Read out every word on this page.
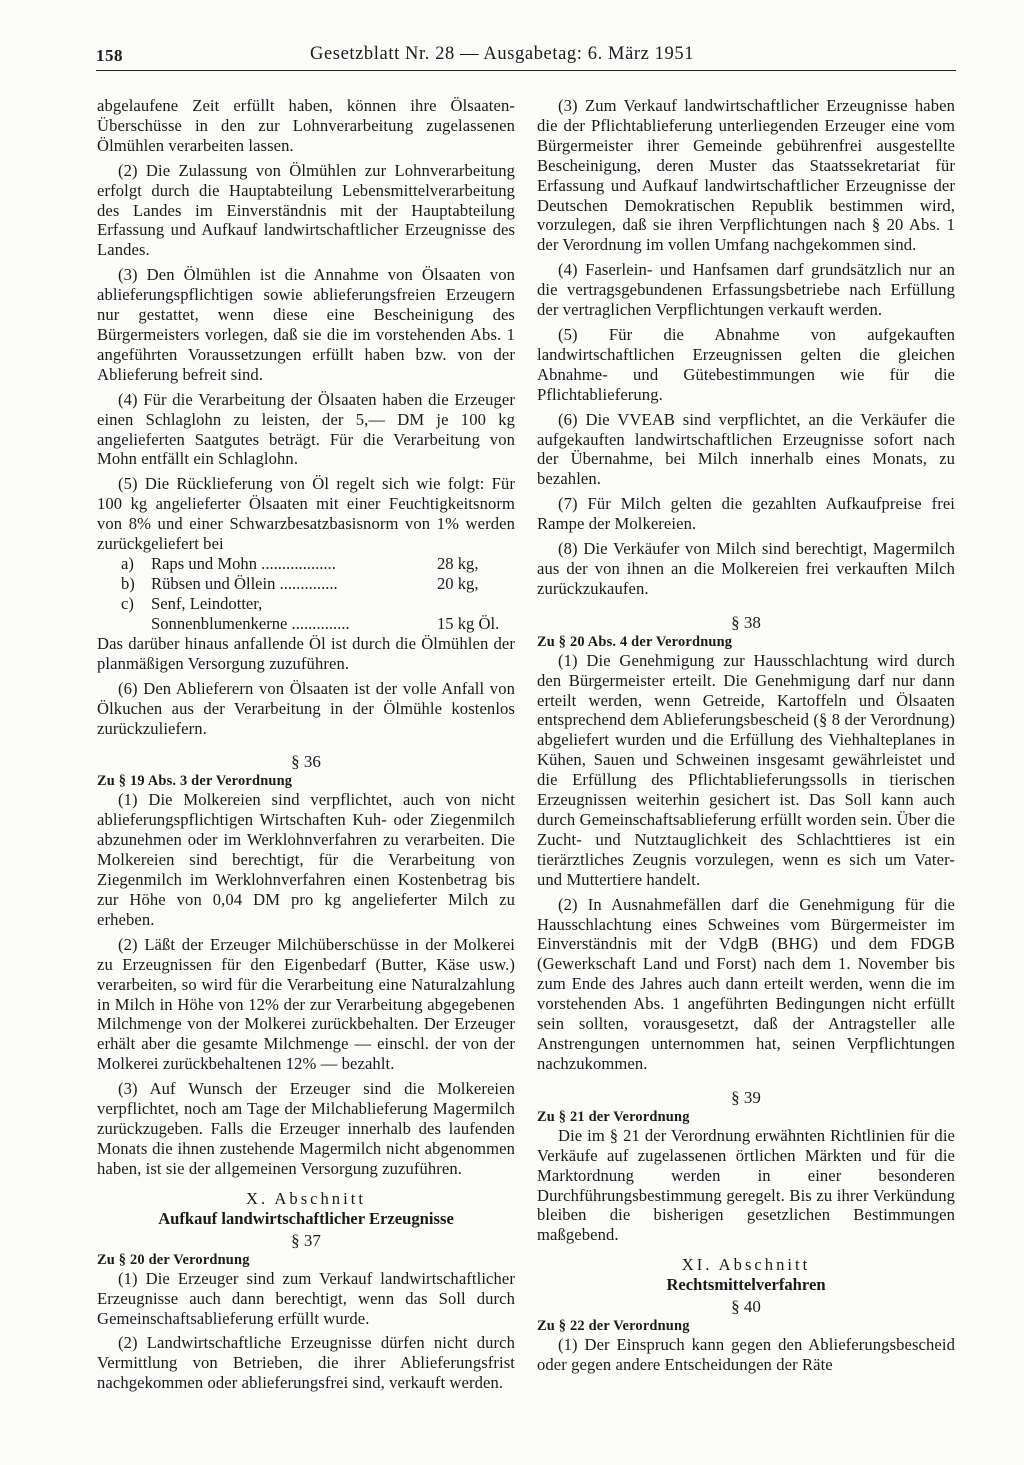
158	Gesetzblatt Nr. 28 — Ausgabetag: 6. März 1951

abgelaufene Zeit erfüllt haben, können ihre Ölsaaten-Überschüsse in den zur Lohnverarbeitung zugelassenen Ölmühlen verarbeiten lassen.

(2) Die Zulassung von Ölmühlen zur Lohnverarbeitung erfolgt durch die Hauptabteilung Lebensmittelverarbeitung des Landes im Einverständnis mit der Hauptabteilung Erfassung und Aufkauf landwirtschaftlicher Erzeugnisse des Landes.

(3) Den Ölmühlen ist die Annahme von Ölsaaten von ablieferungspflichtigen sowie ablieferungsfreien Erzeugern nur gestattet, wenn diese eine Bescheinigung des Bürgermeisters vorlegen, daß sie die im vorstehenden Abs. 1 angeführten Voraussetzungen erfüllt haben bzw. von der Ablieferung befreit sind.

(4) Für die Verarbeitung der Ölsaaten haben die Erzeuger einen Schlaglohn zu leisten, der 5,— DM je 100 kg angelieferten Saatgutes beträgt. Für die Verarbeitung von Mohn entfällt ein Schlaglohn.

(5) Die Rücklieferung von Öl regelt sich wie folgt: Für 100 kg angelieferter Ölsaaten mit einer Feuchtigkeitsnorm von 8% und einer Schwarzbesatzbasisnorm von 1% werden zurückgeliefert bei

a)	Raps und Mohn ..................	28 kg,
b) Rübsen und Öllein ..............	20 kg,
c)	Senf, Leindotter,
Sonnenblumenkerne ..............	15 kg Öl.

Das darüber hinaus anfallende Öl ist durch die Ölmühlen der planmäßigen Versorgung zuzuführen.

(6) Den Ablieferern von Ölsaaten ist der volle Anfall von Ölkuchen aus der Verarbeitung in der Ölmühle kostenlos zurückzuliefern.

§ 36
Zu § 19 Abs. 3 der Verordnung

(1) Die Molkereien sind verpflichtet, auch von nicht ablieferungspflichtigen Wirtschaften Kuh- oder Ziegenmilch abzunehmen oder im Werklohnverfahren zu verarbeiten. Die Molkereien sind berechtigt, für die Verarbeitung von Ziegenmilch im Werklohnverfahren einen Kostenbetrag bis zur Höhe von 0,04 DM pro kg angelieferter Milch zu erheben.

(2) Läßt der Erzeuger Milchüberschüsse in der Molkerei zu Erzeugnissen für den Eigenbedarf (Butter, Käse usw.) verarbeiten, so wird für die Verarbeitung eine Naturalzahlung in Milch in Höhe von 12% der zur Verarbeitung abgegebenen Milchmenge von der Molkerei zurückbehalten. Der Erzeuger erhält aber die gesamte Milchmenge — einschl. der von der Molkerei zurückbehaltenen 12% — bezahlt.

(3) Auf Wunsch der Erzeuger sind die Molkereien verpflichtet, noch am Tage der Milchablieferung Magermilch zurückzugeben. Falls die Erzeuger innerhalb des laufenden Monats die ihnen zustehende Magermilch nicht abgenommen haben, ist sie der allgemeinen Versorgung zuzuführen.

X. Abschnitt
Aufkauf landwirtschaftlicher Erzeugnisse
§ 37
Zu § 20 der Verordnung

(1) Die Erzeuger sind zum Verkauf landwirtschaftlicher Erzeugnisse auch dann berechtigt, wenn das Soll durch Gemeinschaftsablieferung erfüllt wurde.

(2) Landwirtschaftliche Erzeugnisse dürfen nicht durch Vermittlung von Betrieben, die ihrer Ablieferungsfrist nachgekommen oder ablieferungsfrei sind, verkauft werden.

(3) Zum Verkauf landwirtschaftlicher Erzeugnisse haben die der Pflichtablieferung unterliegenden Erzeuger eine vom Bürgermeister ihrer Gemeinde gebührenfrei ausgestellte Bescheinigung, deren Muster das Staatssekretariat für Erfassung und Aufkauf landwirtschaftlicher Erzeugnisse der Deutschen Demokratischen Republik bestimmen wird, vorzulegen, daß sie ihren Verpflichtungen nach § 20 Abs. 1 der Verordnung im vollen Umfang nachgekommen sind.

(4) Faserlein- und Hanfsamen darf grundsätzlich nur an die vertragsgebundenen Erfassungsbetriebe nach Erfüllung der vertraglichen Verpflichtungen verkauft werden.

(5) Für die Abnahme von aufgekauften landwirtschaftlichen Erzeugnissen gelten die gleichen Abnahme- und Gütebestimmungen wie für die Pflichtablieferung.

(6) Die VVEAB sind verpflichtet, an die Verkäufer die aufgekauften landwirtschaftlichen Erzeugnisse sofort nach der Übernahme, bei Milch innerhalb eines Monats, zu bezahlen.

(7) Für Milch gelten die gezahlten Aufkaufpreise frei Rampe der Molkereien.

(8) Die Verkäufer von Milch sind berechtigt, Magermilch aus der von ihnen an die Molkereien frei verkauften Milch zurückzukaufen.

§ 38
Zu § 20 Abs. 4 der Verordnung

(1) Die Genehmigung zur Hausschlachtung wird durch den Bürgermeister erteilt. Die Genehmigung darf nur dann erteilt werden, wenn Getreide, Kartoffeln und Ölsaaten entsprechend dem Ablieferungsbescheid (§ 8 der Verordnung) abgeliefert wurden und die Erfüllung des Viehhalteplanes in Kühen, Sauen und Schweinen insgesamt gewährleistet und die Erfüllung des Pflichtablieferungssolls in tierischen Erzeugnissen weiterhin gesichert ist. Das Soll kann auch durch Gemeinschaftsablieferung erfüllt worden sein. Über die Zucht- und Nutztauglichkeit des Schlachttieres ist ein tierärztliches Zeugnis vorzulegen, wenn es sich um Vater- und Muttertiere handelt.

(2) In Ausnahmefällen darf die Genehmigung für die Hausschlachtung eines Schweines vom Bürgermeister im Einverständnis mit der VdgB (BHG) und dem FDGB (Gewerkschaft Land und Forst) nach dem 1. November bis zum Ende des Jahres auch dann erteilt werden, wenn die im vorstehenden Abs. 1 angeführten Bedingungen nicht erfüllt sein sollten, vorausgesetzt, daß der Antragsteller alle Anstrengungen unternommen hat, seinen Verpflichtungen nachzukommen.

§ 39
Zu § 21 der Verordnung

Die im § 21 der Verordnung erwähnten Richtlinien für die Verkäufe auf zugelassenen örtlichen Märkten und für die Marktordnung werden in einer besonderen Durchführungsbestimmung geregelt. Bis zu ihrer Verkündung bleiben die bisherigen gesetzlichen Bestimmungen maßgebend.

XI. Abschnitt
Rechtsmittelverfahren
§ 40
Zu § 22 der Verordnung

(1) Der Einspruch kann gegen den Ablieferungsbescheid oder gegen andere Entscheidungen der Räte
